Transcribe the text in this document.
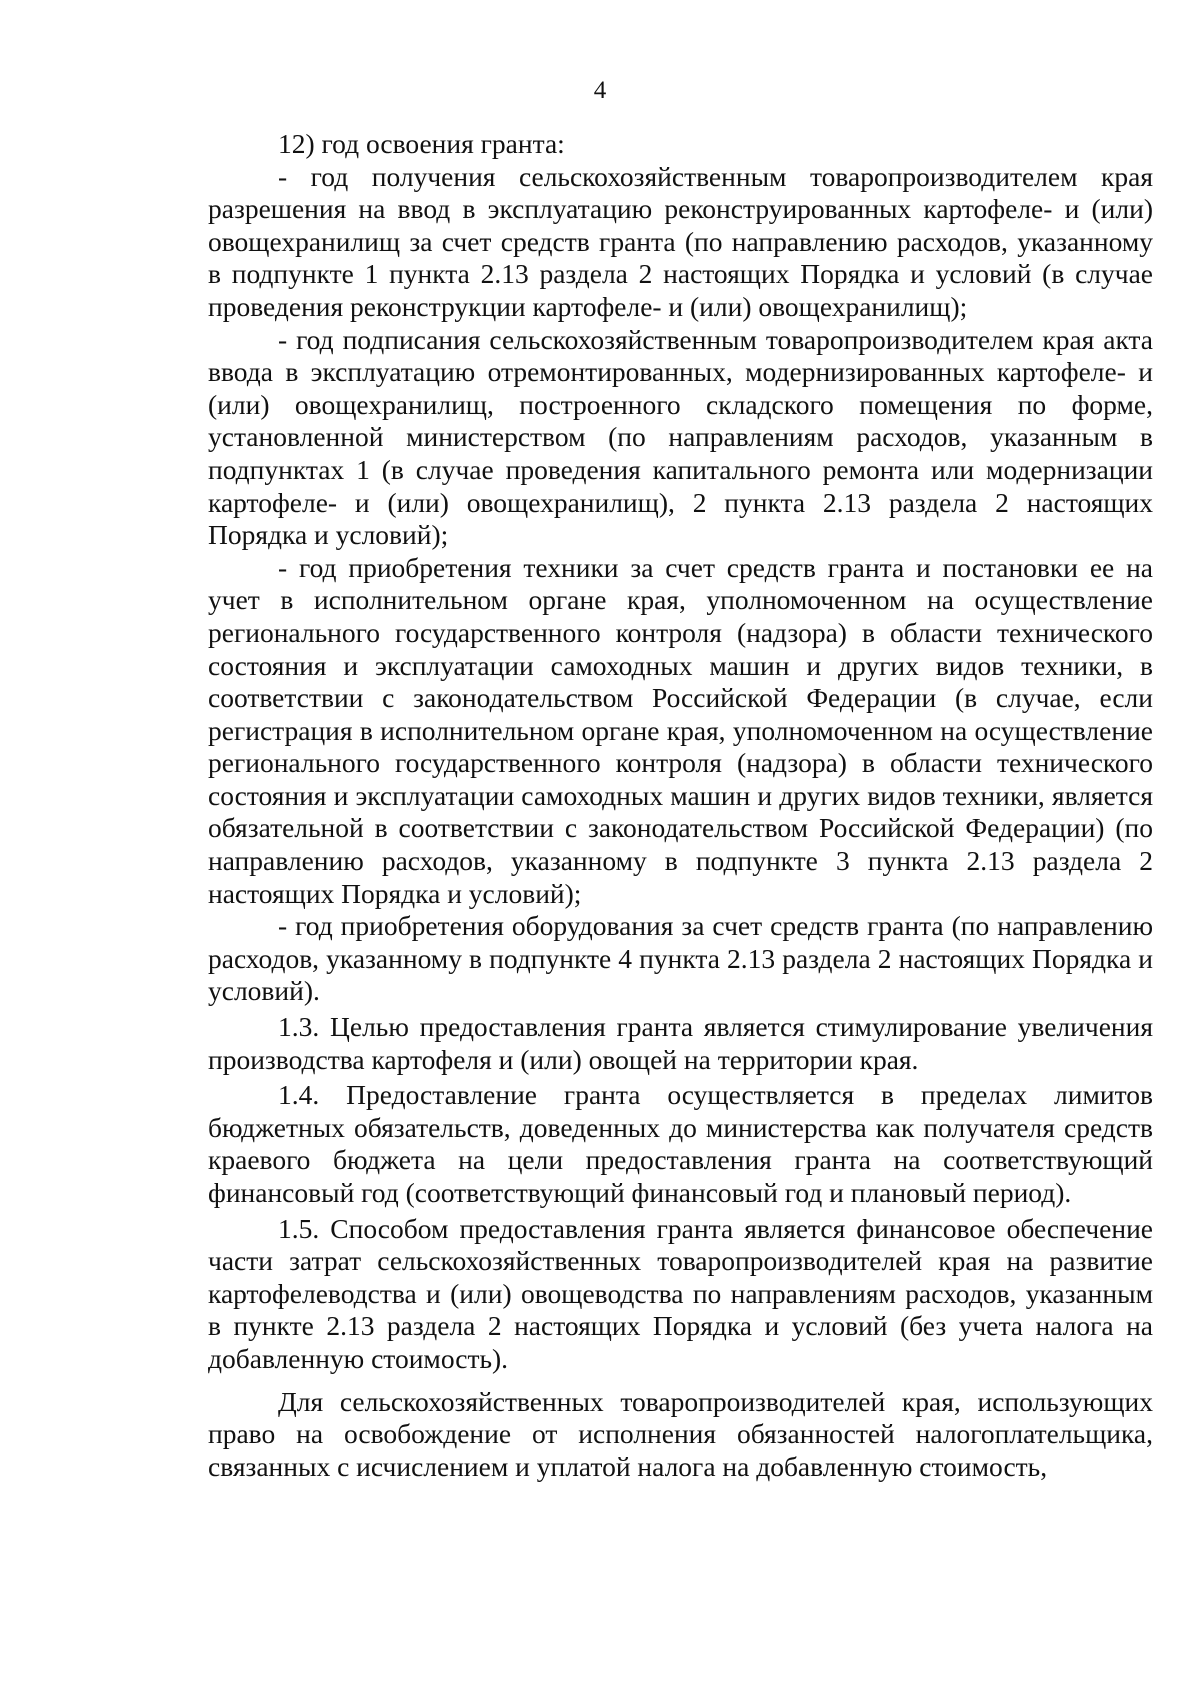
4

12) год освоения гранта:

- год получения сельскохозяйственным товаропроизводителем края разрешения на ввод в эксплуатацию реконструированных картофеле- и (или) овощехранилищ за счет средств гранта (по направлению расходов, указанному в подпункте 1 пункта 2.13 раздела 2 настоящих Порядка и условий (в случае проведения реконструкции картофеле- и (или) овощехранилищ);

- год подписания сельскохозяйственным товаропроизводителем края акта ввода в эксплуатацию отремонтированных, модернизированных картофеле- и (или) овощехранилищ, построенного складского помещения по форме, установленной министерством (по направлениям расходов, указанным в подпунктах 1 (в случае проведения капитального ремонта или модернизации картофеле- и (или) овощехранилищ), 2 пункта 2.13 раздела 2 настоящих Порядка и условий);

- год приобретения техники за счет средств гранта и постановки ее на учет в исполнительном органе края, уполномоченном на осуществление регионального государственного контроля (надзора) в области технического состояния и эксплуатации самоходных машин и других видов техники, в соответствии с законодательством Российской Федерации (в случае, если регистрация в исполнительном органе края, уполномоченном на осуществление регионального государственного контроля (надзора) в области технического состояния и эксплуатации самоходных машин и других видов техники, является обязательной в соответствии с законодательством Российской Федерации) (по направлению расходов, указанному в подпункте 3 пункта 2.13 раздела 2 настоящих Порядка и условий);

- год приобретения оборудования за счет средств гранта (по направлению расходов, указанному в подпункте 4 пункта 2.13 раздела 2 настоящих Порядка и условий).

1.3. Целью предоставления гранта является стимулирование увеличения производства картофеля и (или) овощей на территории края.

1.4. Предоставление гранта осуществляется в пределах лимитов бюджетных обязательств, доведенных до министерства как получателя средств краевого бюджета на цели предоставления гранта на соответствующий финансовый год (соответствующий финансовый год и плановый период).

1.5. Способом предоставления гранта является финансовое обеспечение части затрат сельскохозяйственных товаропроизводителей края на развитие картофелеводства и (или) овощеводства по направлениям расходов, указанным в пункте 2.13 раздела 2 настоящих Порядка и условий (без учета налога на добавленную стоимость).

Для сельскохозяйственных товаропроизводителей края, использующих право на освобождение от исполнения обязанностей налогоплательщика, связанных с исчислением и уплатой налога на добавленную стоимость,
